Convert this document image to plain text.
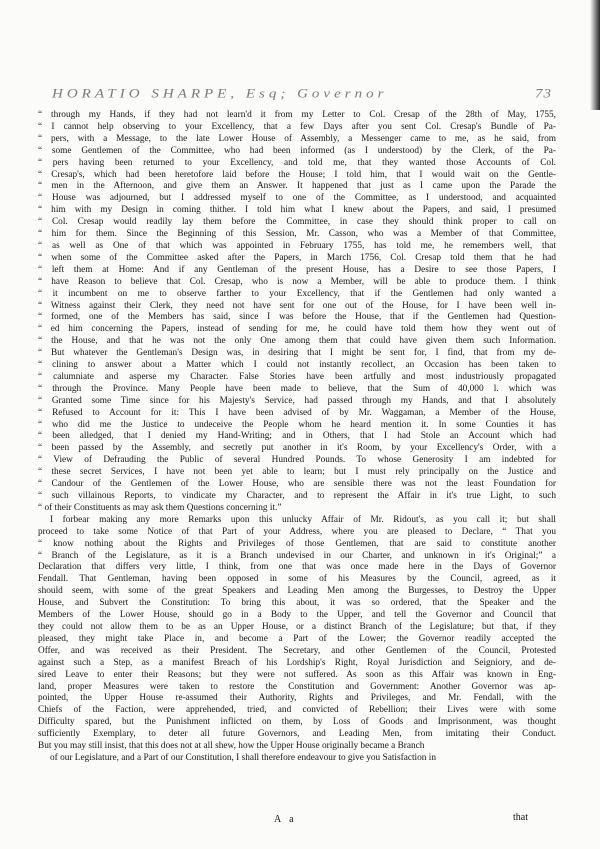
HORATIO SHARPE, Esq; Governor	73
“ through my Hands, if they had not learn'd it from my Letter to Col. Cresap of the 28th of May, 1755,
“ I cannot help observing to your Excellency, that a few Days after you sent Col. Cresap's Bundle of Pa-
“ pers, with a Message, to the late Lower House of Assembly, a Messenger came to me, as he said, from
“ some Gentlemen of the Committee, who had been informed (as I understood) by the Clerk, of the Pa-
“ pers having been returned to your Excellency, and told me, that they wanted those Accounts of Col.
“ Cresap's, which had been heretofore laid before the House; I told him, that I would wait on the Gentle-
“ men in the Afternoon, and give them an Answer. It happened that just as I came upon the Parade the
“ House was adjourned, but I addressed myself to one of the Committee, as I understood, and acquainted
“ him with my Design in coming thither. I told him what I knew about the Papers, and said, I presumed
“ Col. Cresap would readily lay them before the Committee, in case they should think proper to call on
“ him for them. Since the Beginning of this Session, Mr. Casson, who was a Member of that Committee,
“ as well as One of that which was appointed in February 1755, has told me, he remembers well, that
“ when some of the Committee asked after the Papers, in March 1756, Col. Cresap told them that he had
“ left them at Home: And if any Gentleman of the present House, has a Desire to see those Papers, I
“ have Reason to believe that Col. Cresap, who is now a Member, will be able to produce them. I think
“ it incumbent on me to observe farther to your Excellency, that if the Gentlemen had only wanted a
“ Witness against their Clerk, they need not have sent for one out of the House, for I have been well in-
“ formed, one of the Members has said, since I was before the House, that if the Gentlemen had Question-
“ ed him concerning the Papers, instead of sending for me, he could have told them how they went out of
“ the House, and that he was not the only One among them that could have given them such Information.
“ But whatever the Gentleman's Design was, in desiring that I might be sent for, I find, that from my de-
“ clining to answer about a Matter which I could not instantly recollect, an Occasion has been taken to
“ calumniate and asperse my Character. False Stories have been artfully and most industriously propagated
“ through the Province. Many People have been made to believe, that the Sum of 40,000 l. which was
“ Granted some Time since for his Majesty's Service, had passed through my Hands, and that I absolutely
“ Refused to Account for it: This I have been advised of by Mr. Waggaman, a Member of the House,
“ who did me the Justice to undeceive the People whom he heard mention it. In some Counties it has
“ been alledged, that I denied my Hand-Writing; and in Others, that I had Stole an Account which had
“ been passed by the Assembly, and secretly put another in it's Room, by your Excellency's Order, with a
“ View of Defrauding the Public of several Hundred Pounds. To whose Generosity I am indebted for
“ these secret Services, I have not been yet able to learn; but I must rely principally on the Justice and
“ Candour of the Gentlemen of the Lower House, who are sensible there was not the least Foundation for
“ such villainous Reports, to vindicate my Character, and to represent the Affair in it's true Light, to such
“ of their Constituents as may ask them Questions concerning it.”
I forbear making any more Remarks upon this unlucky Affair of Mr. Ridout's, as you call it; but shall
proceed to take some Notice of that Part of your Address, where you are pleased to Declare, “ That you
“ know nothing about the Rights and Privileges of those Gentlemen, that are said to constitute another
“ Branch of the Legislature, as it is a Branch undevised in our Charter, and unknown in it's Original;” a
Declaration that differs very little, I think, from one that was once made here in the Days of Governor
Fendall. That Gentleman, having been opposed in some of his Measures by the Council, agreed, as it
should seem, with some of the great Speakers and Leading Men among the Burgesses, to Destroy the Upper
House, and Subvert the Constitution: To bring this about, it was so ordered, that the Speaker and the
Members of the Lower House, should go in a Body to the Upper, and tell the Governor and Council that
they could not allow them to be as an Upper House, or a distinct Branch of the Legislature; but that, if they
pleased, they might take Place in, and become a Part of the Lower; the Governor readily accepted the
Offer, and was received as their President. The Secretary, and other Gentlemen of the Council, Protested
against such a Step, as a manifest Breach of his Lordship's Right, Royal Jurisdiction and Seigniory, and de-
sired Leave to enter their Reasons; but they were not suffered. As soon as this Affair was known in Eng-
land, proper Measures were taken to restore the Constitution and Government: Another Governor was ap-
pointed, the Upper House re-assumed their Authority, Rights and Privileges, and Mr. Fendall, with the
Chiefs of the Faction, were apprehended, tried, and convicted of Rebellion; their Lives were with some
Difficulty spared, but the Punishment inflicted on them, by Loss of Goods and Imprisonment, was thought
sufficiently Exemplary, to deter all future Governors, and Leading Men, from imitating their Conduct.
But you may still insist, that this does not at all shew, how the Upper House originally became a Branch
of our Legislature, and a Part of our Constitution, I shall therefore endeavour to give you Satisfaction in
A a	that
